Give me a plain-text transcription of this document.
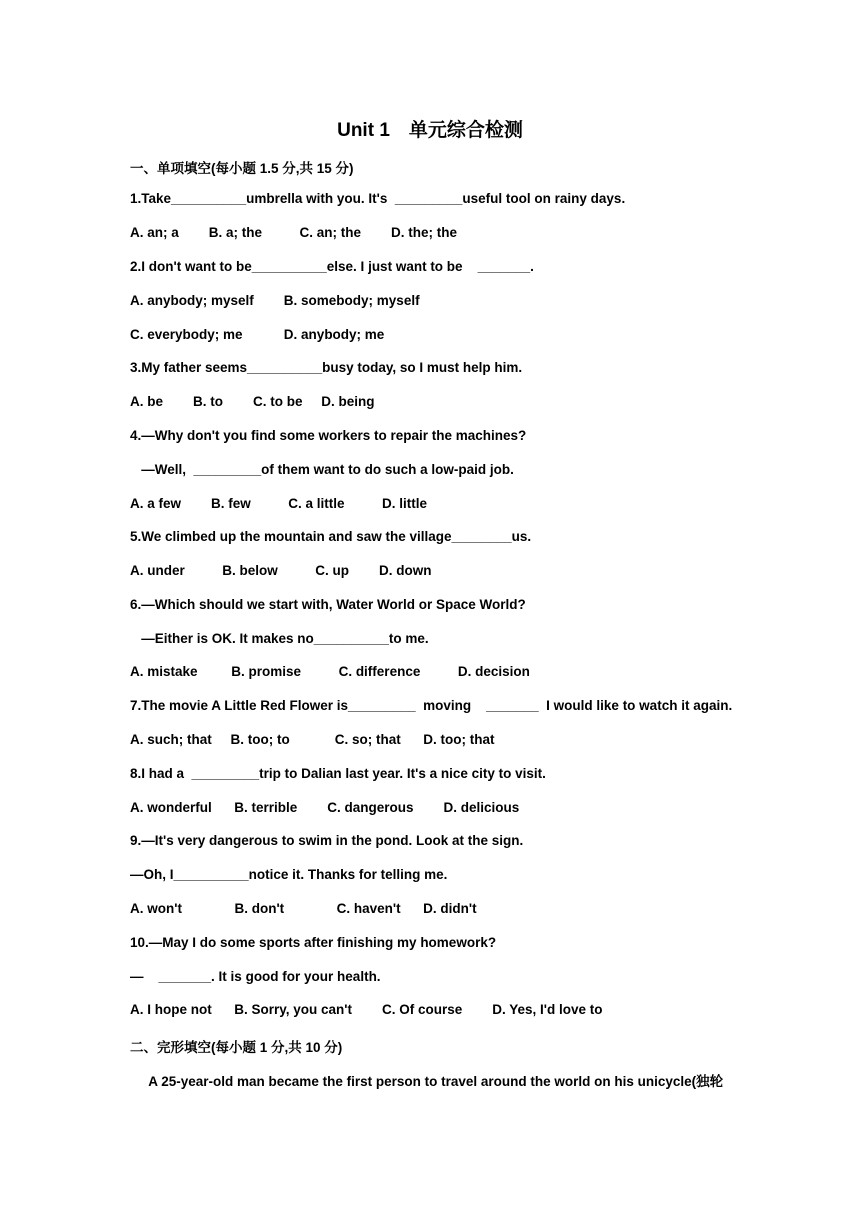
Unit 1　单元综合检测
一、单项填空(每小题 1.5 分,共 15 分)
1.Take__________umbrella with you. It's  _________useful tool on rainy days.
A. an; a        B. a; the          C. an; the        D. the; the
2.I don't want to be__________else. I just want to be    _______.
A. anybody; myself        B. somebody; myself
C. everybody; me           D. anybody; me
3.My father seems__________busy today, so I must help him.
A. be        B. to        C. to be     D. being
4.—Why don't you find some workers to repair the machines?
—Well,  _________of them want to do such a low-paid job.
A. a few        B. few          C. a little          D. little
5.We climbed up the mountain and saw the village________us.
A. under          B. below          C. up        D. down
6.—Which should we start with, Water World or Space World?
—Either is OK. It makes no__________to me.
A. mistake         B. promise          C. difference          D. decision
7.The movie A Little Red Flower is_________  moving    _______  I would like to watch it again.
A. such; that     B. too; to            C. so; that      D. too; that
8.I had a  _________trip to Dalian last year. It's a nice city to visit.
A. wonderful      B. terrible        C. dangerous        D. delicious
9.—It's very dangerous to swim in the pond. Look at the sign.
—Oh, I__________notice it. Thanks for telling me.
A. won't              B. don't              C. haven't      D. didn't
10.—May I do some sports after finishing my homework?
—    _______. It is good for your health.
A. I hope not      B. Sorry, you can't        C. Of course        D. Yes, I'd love to
二、完形填空(每小题 1 分,共 10 分)
A 25-year-old man became the first person to travel around the world on his unicycle(独轮
